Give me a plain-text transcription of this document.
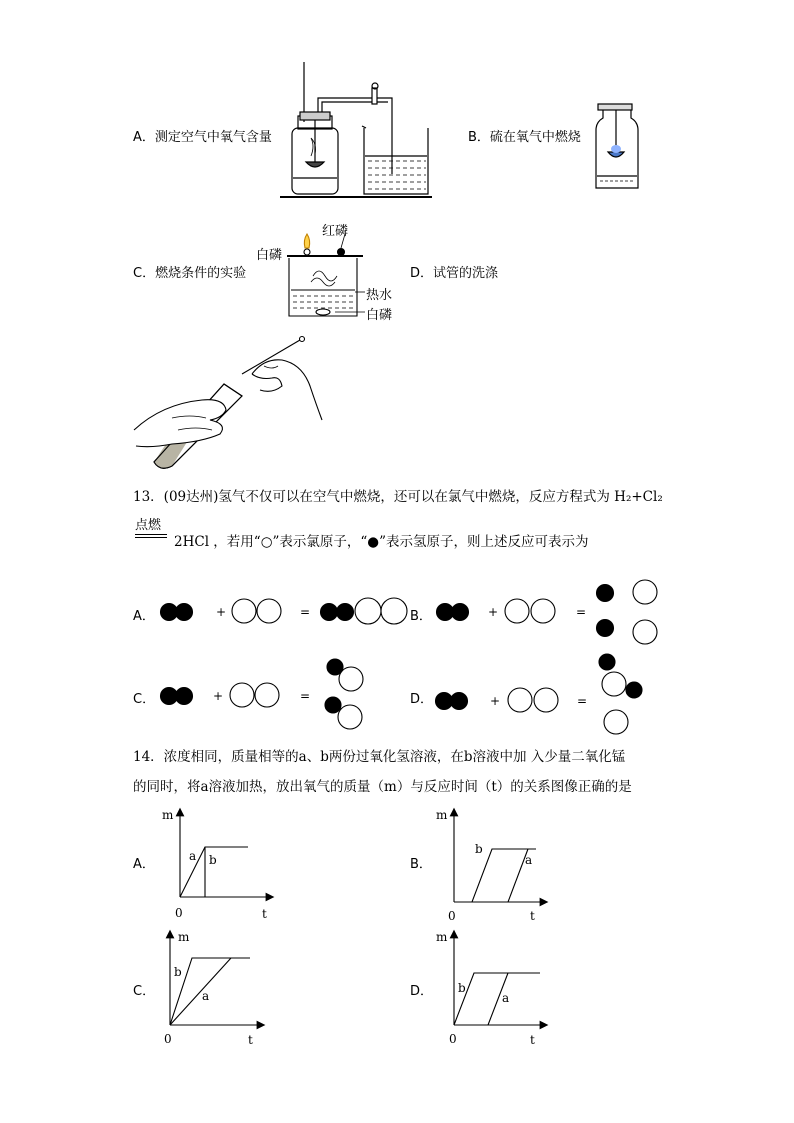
A．测定空气中氧气含量	B．硫在氧气中燃烧
C．燃烧条件的实验	D．试管的洗涤
红磷
白磷
热水
白磷
13．(09达州)氢气不仅可以在空气中燃烧，还可以在氯气中燃烧，反应方程式为 H₂+Cl₂
点燃
2HCl ，若用“○”表示氯原子，“●”表示氢原子，则上述反应可表示为
A．	B．
C．	D．
+	=	+	=
+	=	+	=
14．浓度相同，质量相等的a、b两份过氧化氢溶液，在b溶液中加 入少量二氧化锰
的同时，将a溶液加热，放出氧气的质量（m）与反应时间（t）的关系图像正确的是
A．	B．
C．	D．
m
t
0
a b
m
t
0
b
a
m
t
0
b
a
m
t
0
b
a
